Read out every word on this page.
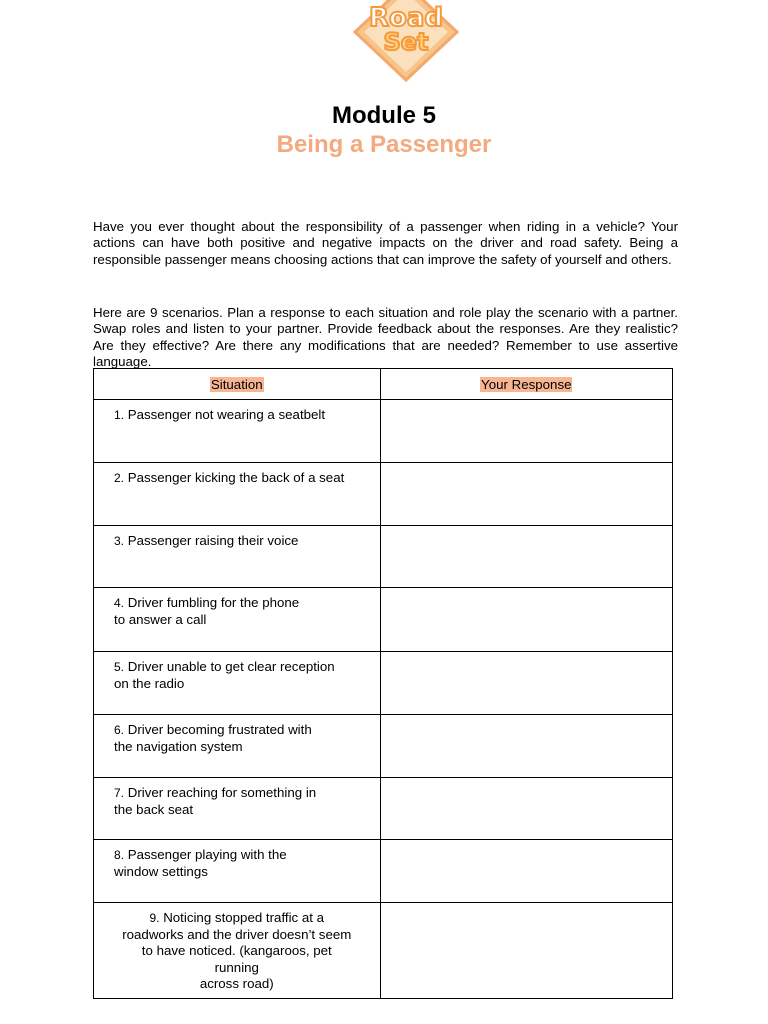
Road
Set
Module 5
Being a Passenger

Have you ever thought about the responsibility of a passenger when riding in a vehicle? Your actions can have both positive and negative impacts on the driver and road safety. Being a responsible passenger means choosing actions that can improve the safety of yourself and others.

Here are 9 scenarios. Plan a response to each situation and role play the scenario with a partner. Swap roles and listen to your partner. Provide feedback about the responses. Are they realistic? Are they effective? Are there any modifications that are needed? Remember to use assertive language.

Situation	Your Response

1. Passenger not wearing a seatbelt	

2. Passenger kicking the back of a seat	

3. Passenger raising their voice	

4. Driver fumbling for the phone
to answer a call	

5. Driver unable to get clear reception
on the radio	

6. Driver becoming frustrated with
the navigation system	

7. Driver reaching for something in
the back seat	

8. Passenger playing with the
window settings	

9. Noticing stopped traffic at a
roadworks and the driver doesn’t seem
to have noticed. (kangaroos, pet
running
across road)	
